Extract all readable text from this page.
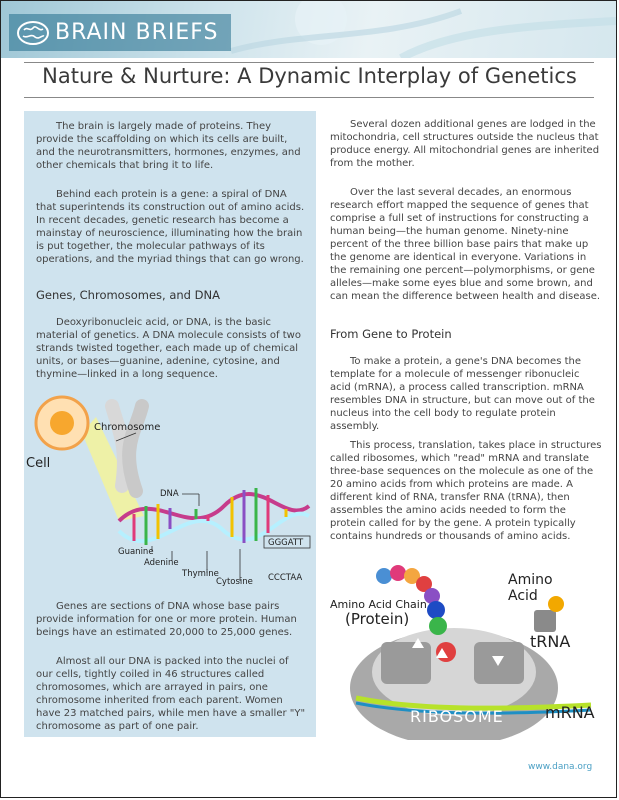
BRAIN BRIEFS
Nature & Nurture: A Dynamic Interplay of Genetics

The brain is largely made of proteins. They provide the scaffolding on which its cells are built, and the neurotransmitters, hormones, enzymes, and other chemicals that bring it to life.

Behind each protein is a gene: a spiral of DNA that superintends its construction out of amino acids. In recent decades, genetic research has become a mainstay of neuroscience, illuminating how the brain is put together, the molecular pathways of its operations, and the myriad things that can go wrong.

Genes, Chromosomes, and DNA

Deoxyribonucleic acid, or DNA, is the basic material of genetics. A DNA molecule consists of two strands twisted together, each made up of chemical units, or bases—guanine, adenine, cytosine, and thymine—linked in a long sequence.

Chromosome
Cell
DNA
Guanine
Adenine
Thymine
Cytosine
GGGATT
CCCTAA

Genes are sections of DNA whose base pairs provide information for one or more protein. Human beings have an estimated 20,000 to 25,000 genes.

Almost all our DNA is packed into the nuclei of our cells, tightly coiled in 46 structures called chromosomes, which are arrayed in pairs, one chromosome inherited from each parent. Women have 23 matched pairs, while men have a smaller "Y" chromosome as part of one pair.

Several dozen additional genes are lodged in the mitochondria, cell structures outside the nucleus that produce energy. All mitochondrial genes are inherited from the mother.

Over the last several decades, an enormous research effort mapped the sequence of genes that comprise a full set of instructions for constructing a human being—the human genome. Ninety-nine percent of the three billion base pairs that make up the genome are identical in everyone. Variations in the remaining one percent—polymorphisms, or gene alleles—make some eyes blue and some brown, and can mean the difference between health and disease.

From Gene to Protein

To make a protein, a gene's DNA becomes the template for a molecule of messenger ribonucleic acid (mRNA), a process called transcription. mRNA resembles DNA in structure, but can move out of the nucleus into the cell body to regulate protein assembly.

This process, translation, takes place in structures called ribosomes, which "read" mRNA and translate three-base sequences on the molecule as one of the 20 amino acids from which proteins are made. A different kind of RNA, transfer RNA (tRNA), then assembles the amino acids needed to form the protein called for by the gene. A protein typically contains hundreds or thousands of amino acids.

Amino Acid Chain
(Protein)
Amino
Acid
tRNA
RIBOSOME	mRNA
www.dana.org
